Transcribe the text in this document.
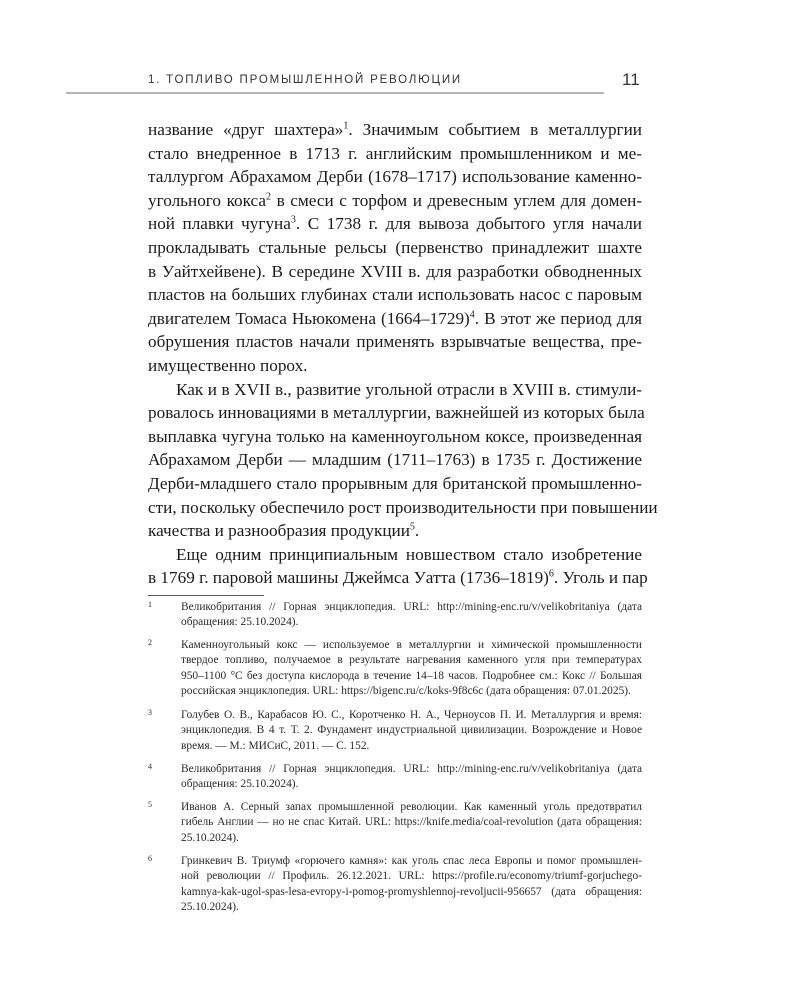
1. ТОПЛИВО ПРОМЫШЛЕННОЙ РЕВОЛЮЦИИ	11

название «друг шахтера»$^1$. Значимым событием в металлургии
стало внедренное в 1713 г. английским промышленником и ме-
таллургом Абрахамом Дерби (1678–1717) использование каменно-
угольного кокса$^2$ в смеси с торфом и древесным углем для домен-
ной плавки чугуна$^3$. С 1738 г. для вывоза добытого угля начали
прокладывать стальные рельсы (первенство принадлежит шахте
в Уайтхейвене). В середине XVIII в. для разработки обводненных
пластов на больших глубинах стали использовать насос с паровым
двигателем Томаса Ньюкомена (1664–1729)$^4$. В этот же период для
обрушения пластов начали применять взрывчатые вещества, пре-
имущественно порох.

Как и в XVII в., развитие угольной отрасли в XVIII в. стимули-
ровалось инновациями в металлургии, важнейшей из которых была
выплавка чугуна только на каменноугольном коксе, произведенная
Абрахамом Дерби — младшим (1711–1763) в 1735 г. Достижение
Дерби-младшего стало прорывным для британской промышленно-
сти, поскольку обеспечило рост производительности при повышении
качества и разнообразия продукции$^5$.

Еще одним принципиальным новшеством стало изобретение
в 1769 г. паровой машины Джеймса Уатта (1736–1819)$^6$. Уголь и пар

1	Великобритания // Горная энциклопедия. URL: http://mining-enc.ru/v/velikobritaniya (дата
обращения: 25.10.2024).
2	Каменноугольный кокс — используемое в металлургии и химической промышленности
твердое топливо, получаемое в результате нагревания каменного угля при температурах
950–1100 °C без доступа кислорода в течение 14–18 часов. Подробнее см.: Кокс // Большая
российская энциклопедия. URL: https://bigenc.ru/c/koks-9f8c6c (дата обращения: 07.01.2025).
3	Голубев О. В., Карабасов Ю. С., Коротченко Н. А., Черноусов П. И. Металлургия и время:
энциклопедия. В 4 т. Т. 2. Фундамент индустриальной цивилизации. Возрождение и Новое
время. — М.: МИСиС, 2011. — С. 152.
4	Великобритания // Горная энциклопедия. URL: http://mining-enc.ru/v/velikobritaniya (дата
обращения: 25.10.2024).
5	Иванов А. Серный запах промышленной революции. Как каменный уголь предотвратил
гибель Англии — но не спас Китай. URL: https://knife.media/coal-revolution (дата обращения:
25.10.2024).
6	Гринкевич В. Триумф «горючего камня»: как уголь спас леса Европы и помог промышлен-
ной революции // Профиль. 26.12.2021. URL: https://profile.ru/economy/triumf-gorjuchego-
kamnya-kak-ugol-spas-lesa-evropy-i-pomog-promyshlennoj-revoljucii-956657 (дата обращения:
25.10.2024).
